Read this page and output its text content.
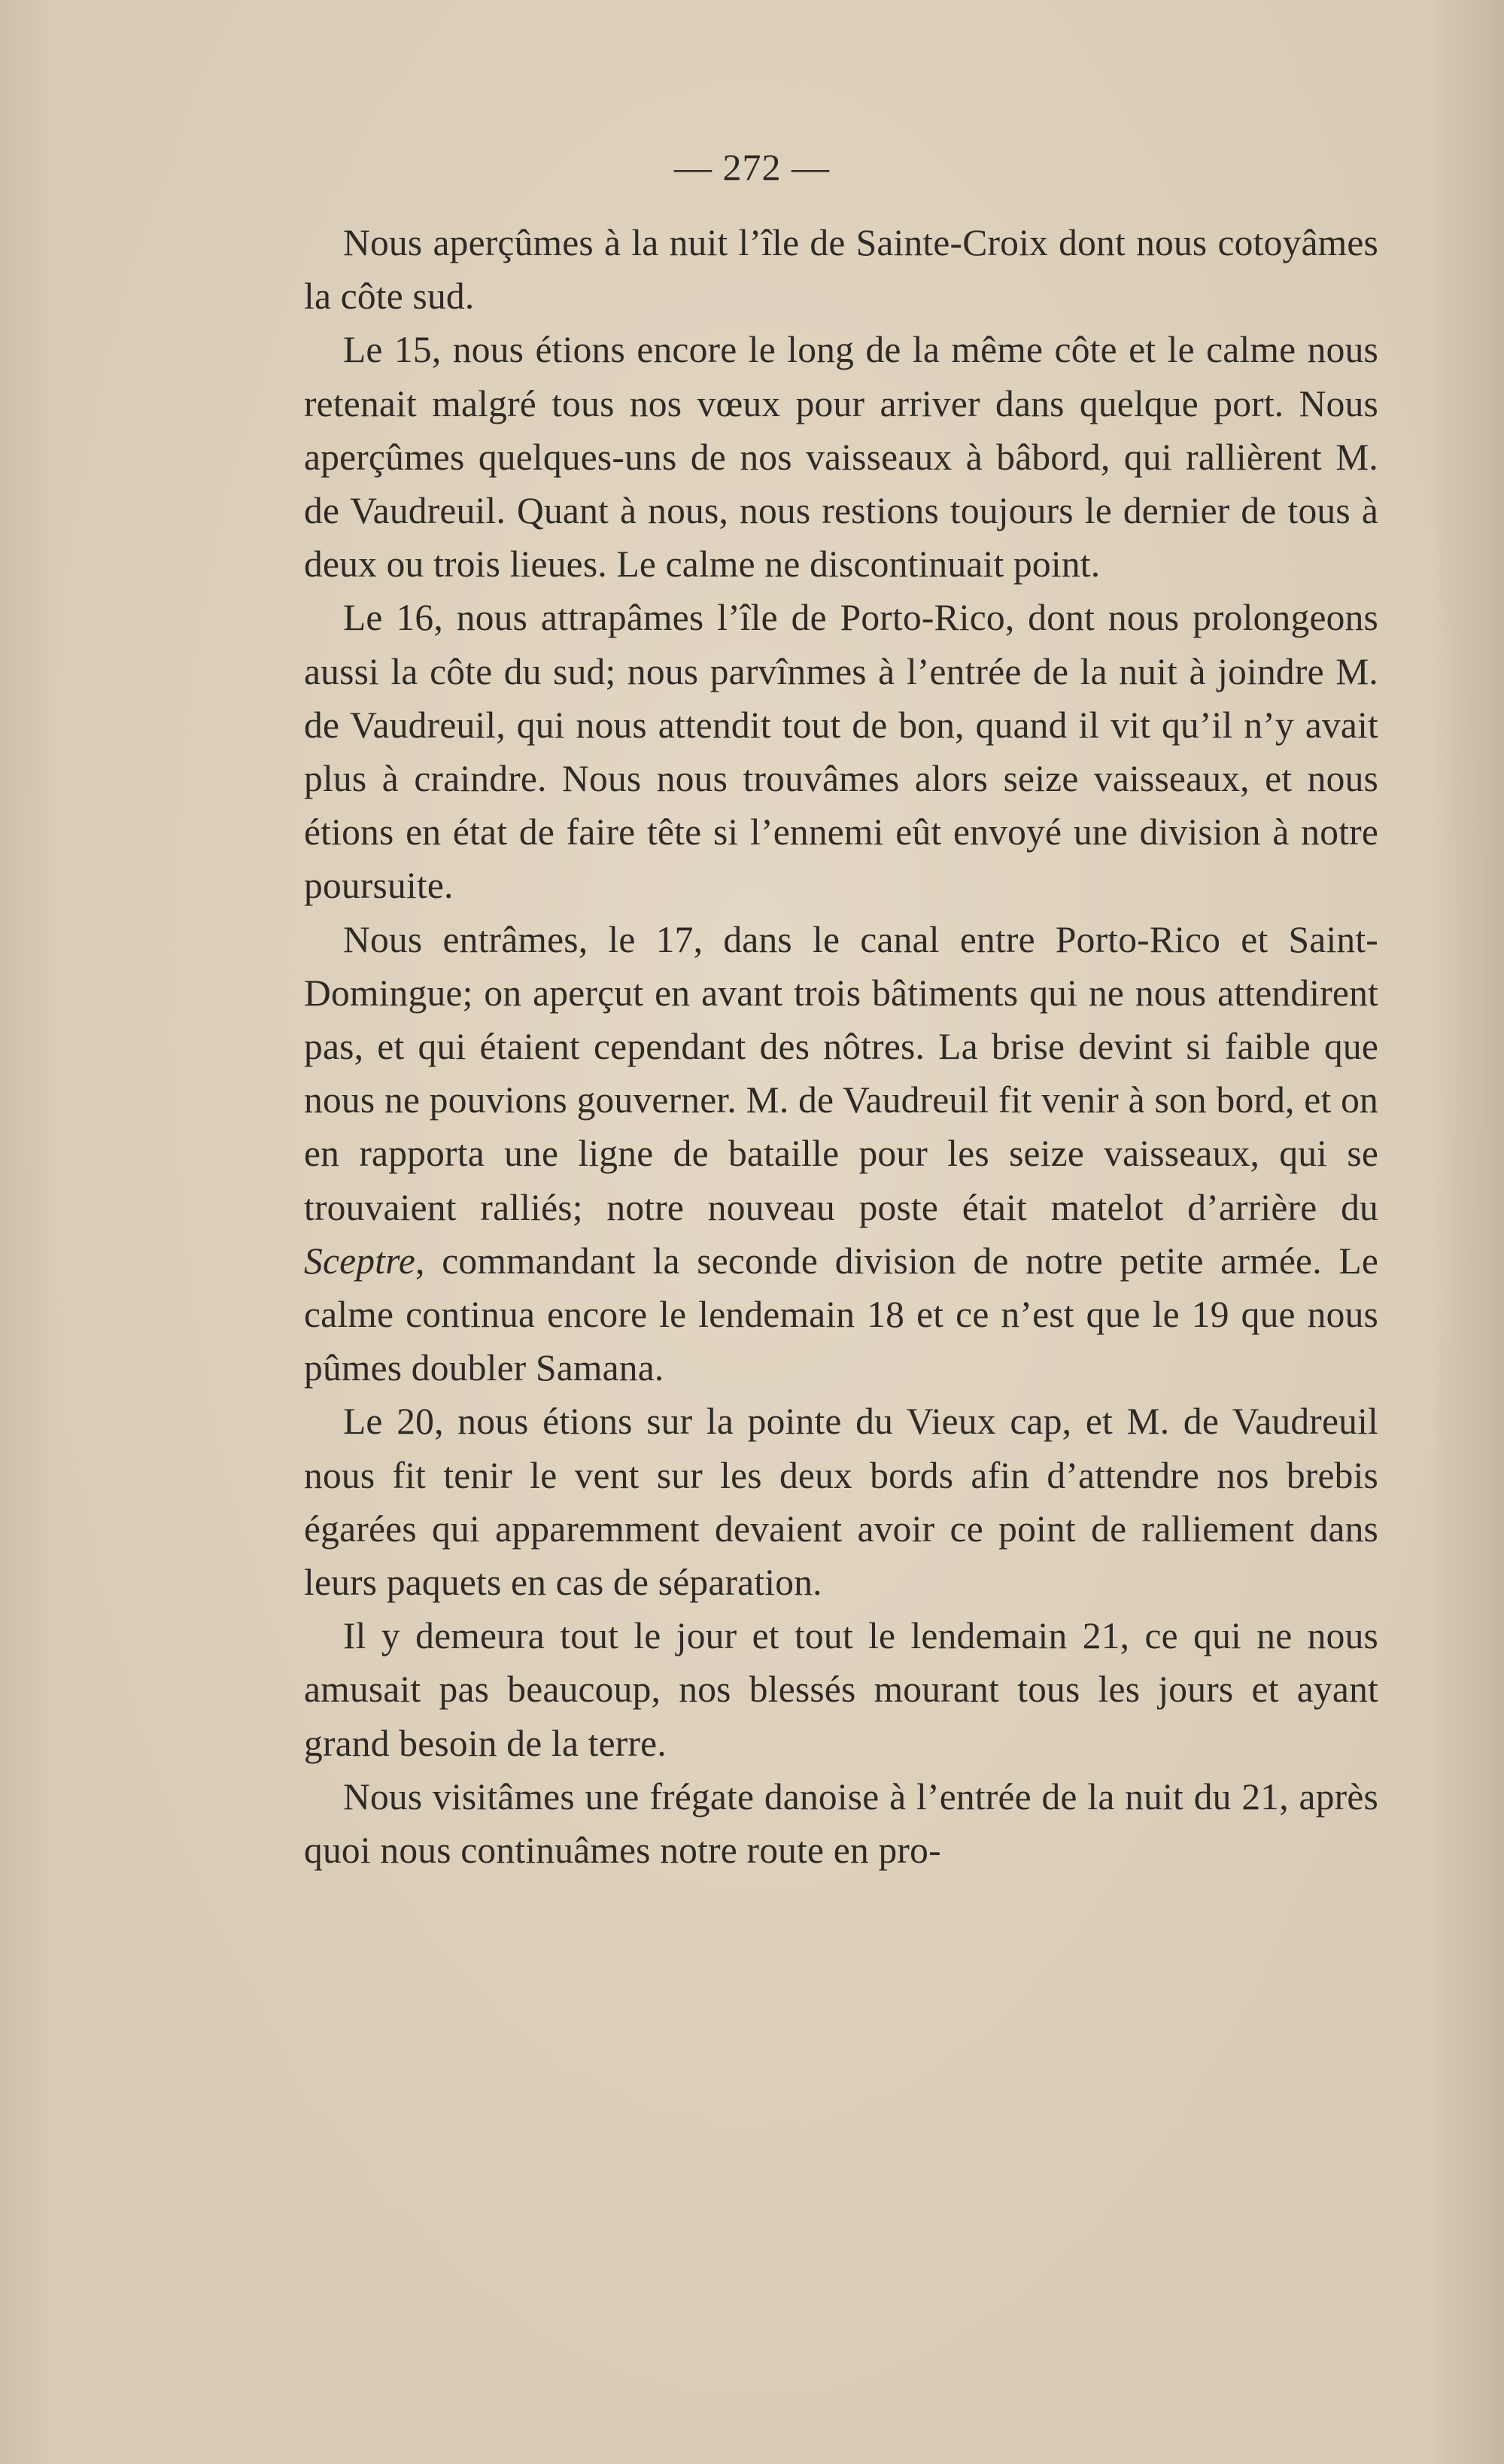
— 272 —

Nous aperçûmes à la nuit l’île de Sainte-Croix dont nous cotoyâmes la côte sud.

Le 15, nous étions encore le long de la même côte et le calme nous retenait malgré tous nos vœux pour arriver dans quelque port. Nous aperçûmes quelques-uns de nos vaisseaux à bâbord, qui rallièrent M. de Vaudreuil. Quant à nous, nous restions toujours le dernier de tous à deux ou trois lieues. Le calme ne discontinuait point.

Le 16, nous attrapâmes l’île de Porto-Rico, dont nous prolongeons aussi la côte du sud; nous parvînmes à l’entrée de la nuit à joindre M. de Vaudreuil, qui nous attendit tout de bon, quand il vit qu’il n’y avait plus à craindre. Nous nous trouvâmes alors seize vaisseaux, et nous étions en état de faire tête si l’ennemi eût envoyé une division à notre poursuite.

Nous entrâmes, le 17, dans le canal entre Porto-Rico et Saint-Domingue; on aperçut en avant trois bâtiments qui ne nous attendirent pas, et qui étaient cependant des nôtres. La brise devint si faible que nous ne pouvions gouverner. M. de Vaudreuil fit venir à son bord, et on en rapporta une ligne de bataille pour les seize vaisseaux, qui se trouvaient ralliés; notre nouveau poste était matelot d’arrière du Sceptre, commandant la seconde division de notre petite armée. Le calme continua encore le lendemain 18 et ce n’est que le 19 que nous pûmes doubler Samana.

Le 20, nous étions sur la pointe du Vieux cap, et M. de Vaudreuil nous fit tenir le vent sur les deux bords afin d’attendre nos brebis égarées qui apparemment devaient avoir ce point de ralliement dans leurs paquets en cas de séparation.

Il y demeura tout le jour et tout le lendemain 21, ce qui ne nous amusait pas beaucoup, nos blessés mourant tous les jours et ayant grand besoin de la terre.

Nous visitâmes une frégate danoise à l’entrée de la nuit du 21, après quoi nous continuâmes notre route en pro-
